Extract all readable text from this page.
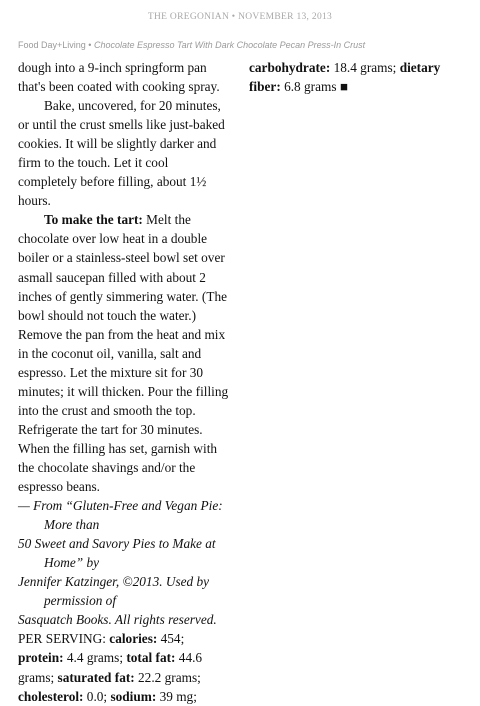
THE OREGONIAN • NOVEMBER 13, 2013
Food Day+Living • Chocolate Espresso Tart With Dark Chocolate Pecan Press-In Crust

dough into a 9-inch springform pan that's been coated with cooking spray.

Bake, uncovered, for 20 minutes, or until the crust smells like just-baked cookies. It will be slightly darker and firm to the touch. Let it cool completely before filling, about 1½ hours.

To make the tart: Melt the chocolate over low heat in a double boiler or a stainless-steel bowl set over asmall saucepan filled with about 2 inches of gently simmering water. (The bowl should not touch the water.) Remove the pan from the heat and mix in the coconut oil, vanilla, salt and espresso. Let the mixture sit for 30 minutes; it will thicken. Pour the filling into the crust and smooth the top. Refrigerate the tart for 30 minutes. When the filling has set, garnish with the chocolate shavings and/or the espresso beans.

— From “Gluten-Free and Vegan Pie: More than

50 Sweet and Savory Pies to Make at Home” by

Jennifer Katzinger, ©2013. Used by permission of

Sasquatch Books. All rights reserved.

PER SERVING: calories: 454; protein: 4.4 grams; total fat: 44.6 grams; saturated fat: 22.2 grams; cholesterol: 0.0; sodium: 39 mg;

carbohydrate: 18.4 grams; dietary fiber: 6.8 grams ■
